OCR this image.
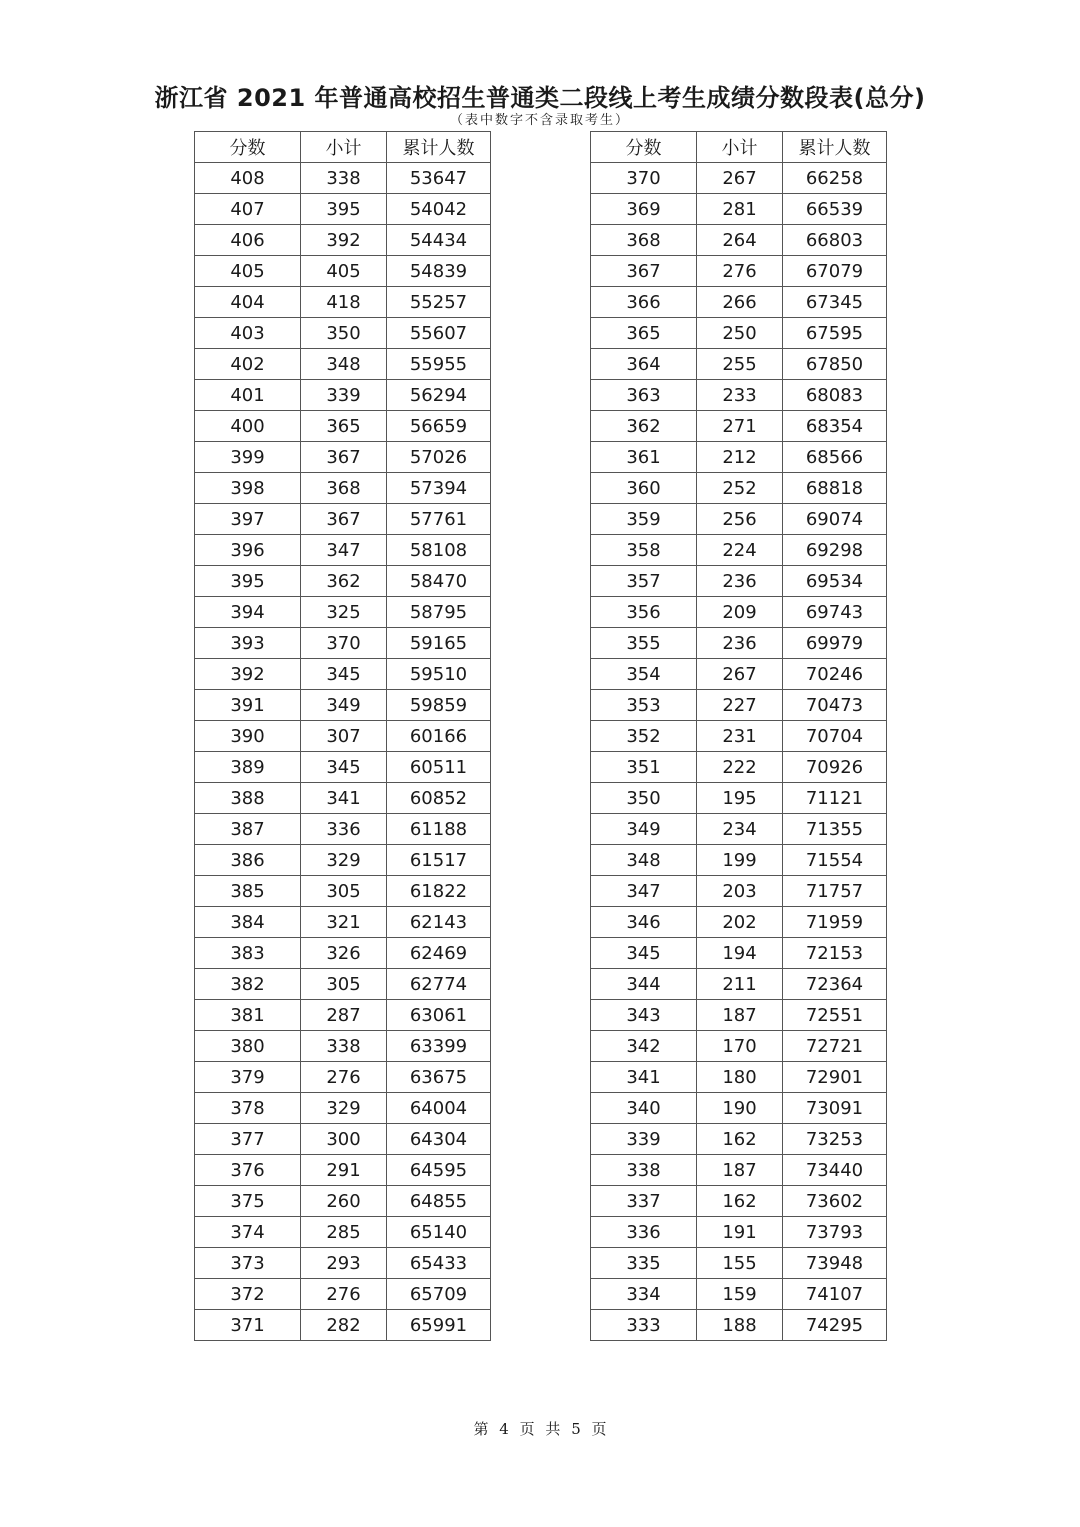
浙江省 2021 年普通高校招生普通类二段线上考生成绩分数段表(总分)
（表中数字不含录取考生）
分数	小计	累计人数
408	338	53647
407	395	54042
406	392	54434
405	405	54839
404	418	55257
403	350	55607
402	348	55955
401	339	56294
400	365	56659
399	367	57026
398	368	57394
397	367	57761
396	347	58108
395	362	58470
394	325	58795
393	370	59165
392	345	59510
391	349	59859
390	307	60166
389	345	60511
388	341	60852
387	336	61188
386	329	61517
385	305	61822
384	321	62143
383	326	62469
382	305	62774
381	287	63061
380	338	63399
379	276	63675
378	329	64004
377	300	64304
376	291	64595
375	260	64855
374	285	65140
373	293	65433
372	276	65709
371	282	65991
分数	小计	累计人数
370	267	66258
369	281	66539
368	264	66803
367	276	67079
366	266	67345
365	250	67595
364	255	67850
363	233	68083
362	271	68354
361	212	68566
360	252	68818
359	256	69074
358	224	69298
357	236	69534
356	209	69743
355	236	69979
354	267	70246
353	227	70473
352	231	70704
351	222	70926
350	195	71121
349	234	71355
348	199	71554
347	203	71757
346	202	71959
345	194	72153
344	211	72364
343	187	72551
342	170	72721
341	180	72901
340	190	73091
339	162	73253
338	187	73440
337	162	73602
336	191	73793
335	155	73948
334	159	74107
333	188	74295
第 4 页 共 5 页
